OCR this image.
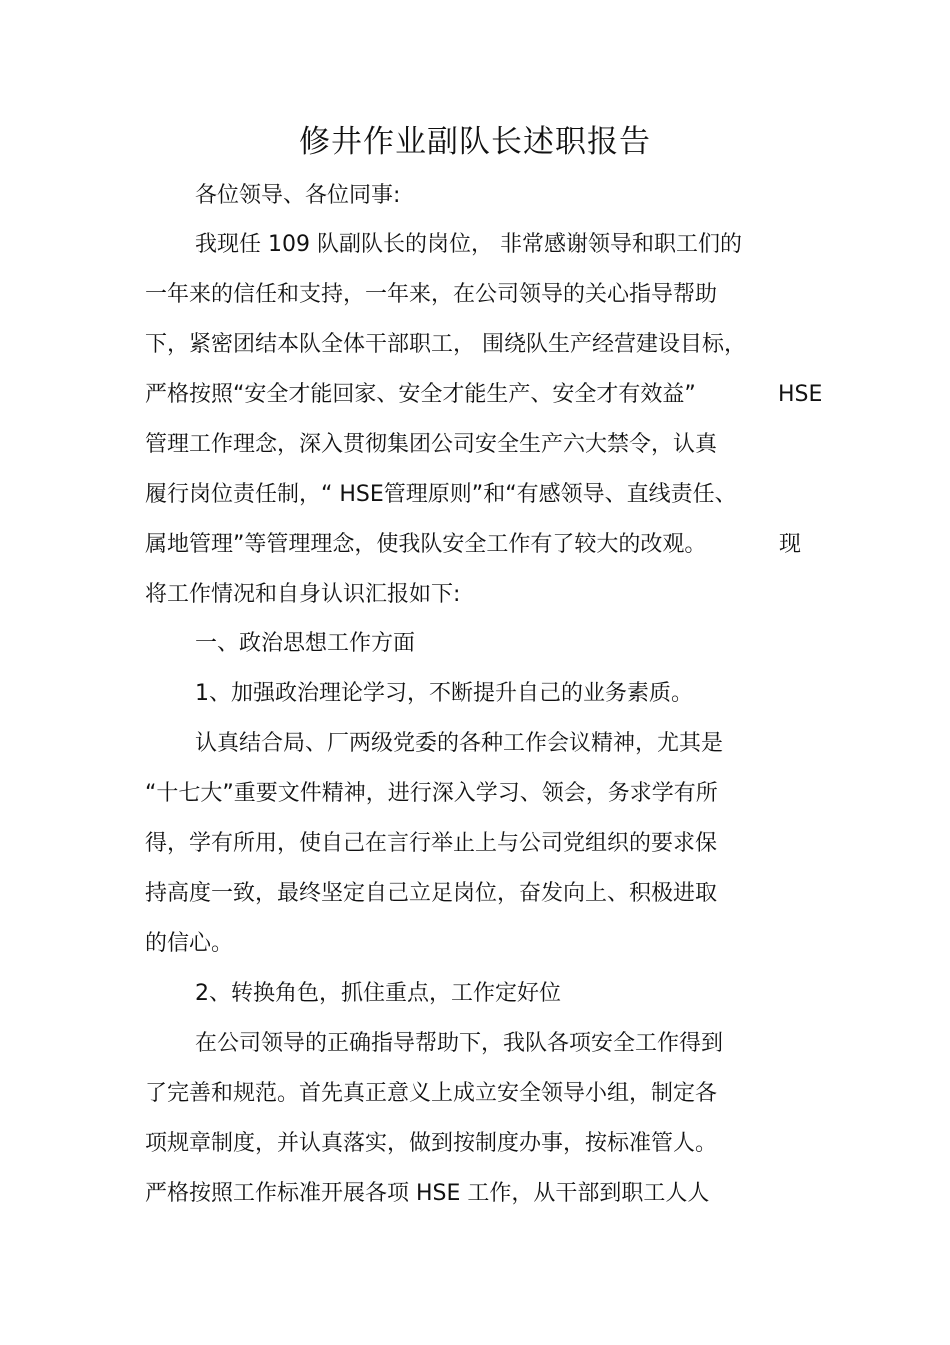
修井作业副队长述职报告
各位领导、各位同事:
我现任 109 队副队长的岗位， 非常感谢领导和职工们的
一年来的信任和支持，一年来，在公司领导的关心指导帮助
下，紧密团结本队全体干部职工， 围绕队生产经营建设目标，
严格按照“安全才能回家、安全才能生产、安全才有效益”	HSE
管理工作理念，深入贯彻集团公司安全生产六大禁令，认真
履行岗位责任制，“ HSE管理原则”和“有感领导、直线责任、
属地管理”等管理理念，使我队安全工作有了较大的改观。	现
将工作情况和自身认识汇报如下:
一、政治思想工作方面
1、加强政治理论学习，不断提升自己的业务素质。
认真结合局、厂两级党委的各种工作会议精神，尤其是
“十七大”重要文件精神，进行深入学习、领会，务求学有所
得，学有所用，使自己在言行举止上与公司党组织的要求保
持高度一致，最终坚定自己立足岗位，奋发向上、积极进取
的信心。
2、转换角色，抓住重点，工作定好位
在公司领导的正确指导帮助下，我队各项安全工作得到
了完善和规范。首先真正意义上成立安全领导小组，制定各
项规章制度，并认真落实，做到按制度办事，按标准管人。
严格按照工作标准开展各项 HSE 工作，从干部到职工人人
